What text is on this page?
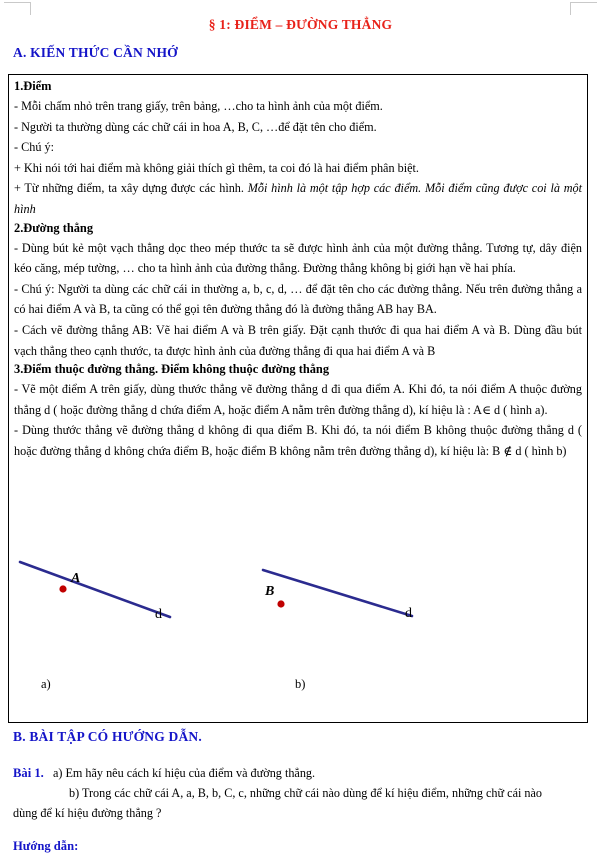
§ 1: ĐIỂM – ĐƯỜNG THẲNG
A. KIẾN THỨC CẦN NHỚ
1.Điểm

- Mỗi chấm nhỏ trên trang giấy, trên bảng, …cho ta hình ảnh của một điểm.

- Người ta thường dùng các chữ cái in hoa A, B, C, …để đặt tên cho điểm.

- Chú ý:

+ Khi nói tới hai điểm mà không giải thích gì thêm, ta coi đó là hai điểm phân biệt.

+ Từ những điểm, ta xây dựng được các hình. Mỗi hình là một tập hợp các điểm. Mỗi điểm cũng được coi là một hình

2.Đường thẳng

- Dùng bút kẻ một vạch thẳng dọc theo mép thước ta sẽ được hình ảnh của một đường thẳng. Tương tự, dây điện kéo căng, mép tường, … cho ta hình ảnh của đường thẳng. Đường thẳng không bị giới hạn về hai phía.

- Chú ý: Người ta dùng các chữ cái in thường a, b, c, d, … để đặt tên cho các đường thẳng. Nếu trên đường thẳng a có hai điểm A và B, ta cũng có thể gọi tên đường thẳng đó là đường thẳng AB hay BA.

- Cách vẽ đường thẳng AB: Vẽ hai điểm A và B trên giấy. Đặt cạnh thước đi qua hai điểm A và B. Dùng đầu bút vạch thẳng theo cạnh thước, ta được hình ảnh của đường thẳng đi qua hai điểm A và B

3.Điểm thuộc đường thẳng. Điểm không thuộc đường thẳng

- Vẽ một điểm A trên giấy, dùng thước thẳng vẽ đường thẳng d đi qua điểm A. Khi đó, ta nói điểm A thuộc đường thẳng d ( hoặc đường thẳng d chứa điểm A, hoặc điểm A nằm trên đường thẳng d), kí hiệu là : A∈ d ( hình a).

- Dùng thước thẳng vẽ đường thẳng d không đi qua điểm B. Khi đó, ta nói điểm B không thuộc đường thẳng d ( hoặc đường thẳng d không chứa điểm B, hoặc điểm B không nằm trên đường thẳng d), kí hiệu là: B ∉ d ( hình b)

A
d
B
d
a)	b)
B. BÀI TẬP CÓ HƯỚNG DẪN.
Bài 1. a) Em hãy nêu cách kí hiệu của điểm và đường thẳng.
b) Trong các chữ cái A, a, B, b, C, c, những chữ cái nào dùng để kí hiệu điểm, những chữ cái nào
dùng để kí hiệu đường thẳng ?
Hướng dẫn:
